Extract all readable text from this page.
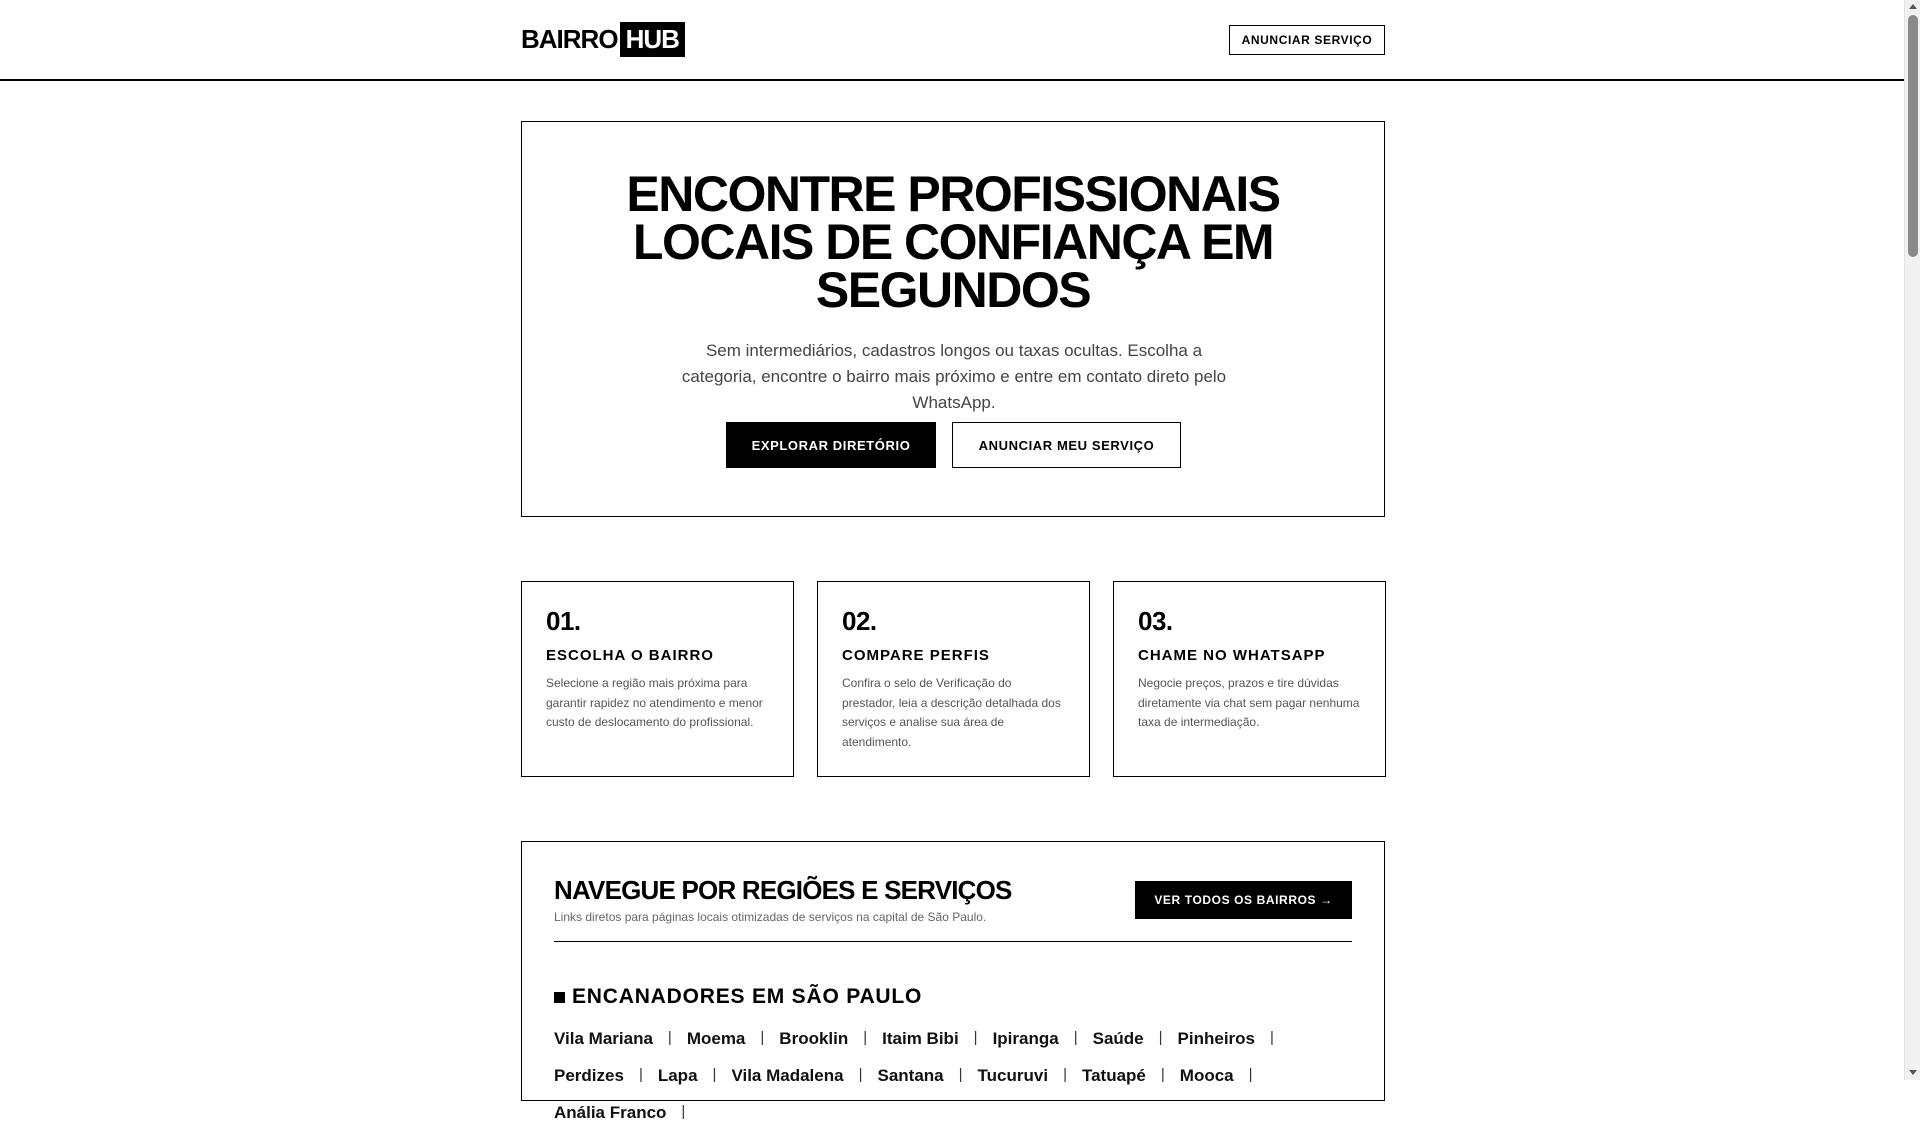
BAIRRO HUB	ANUNCIAR SERVIÇO
ENCONTRE PROFISSIONAIS
LOCAIS DE CONFIANÇA EM
SEGUNDOS

Sem intermediários, cadastros longos ou taxas ocultas. Escolha a categoria, encontre o bairro mais próximo e entre em contato direto pelo WhatsApp.

EXPLORAR DIRETÓRIO	ANUNCIAR MEU SERVIÇO
01.
ESCOLHA O BAIRRO
Selecione a região mais próxima para garantir rapidez no atendimento e menor custo de deslocamento do profissional.
02.
COMPARE PERFIS
Confira o selo de Verificação do prestador, leia a descrição detalhada dos serviços e analise sua área de atendimento.
03.
CHAME NO WHATSAPP
Negocie preços, prazos e tire dúvidas diretamente via chat sem pagar nenhuma taxa de intermediação.
NAVEGUE POR REGIÕES E SERVIÇOS
Links diretos para páginas locais otimizadas de serviços na capital de São Paulo.
VER TODOS OS BAIRROS →
ENCANADORES EM SÃO PAULO
Vila Mariana | Moema | Brooklin | Itaim Bibi | Ipiranga | Saúde | Pinheiros |
Perdizes | Lapa | Vila Madalena | Santana | Tucuruvi | Tatuapé | Mooca |
Anália Franco |
